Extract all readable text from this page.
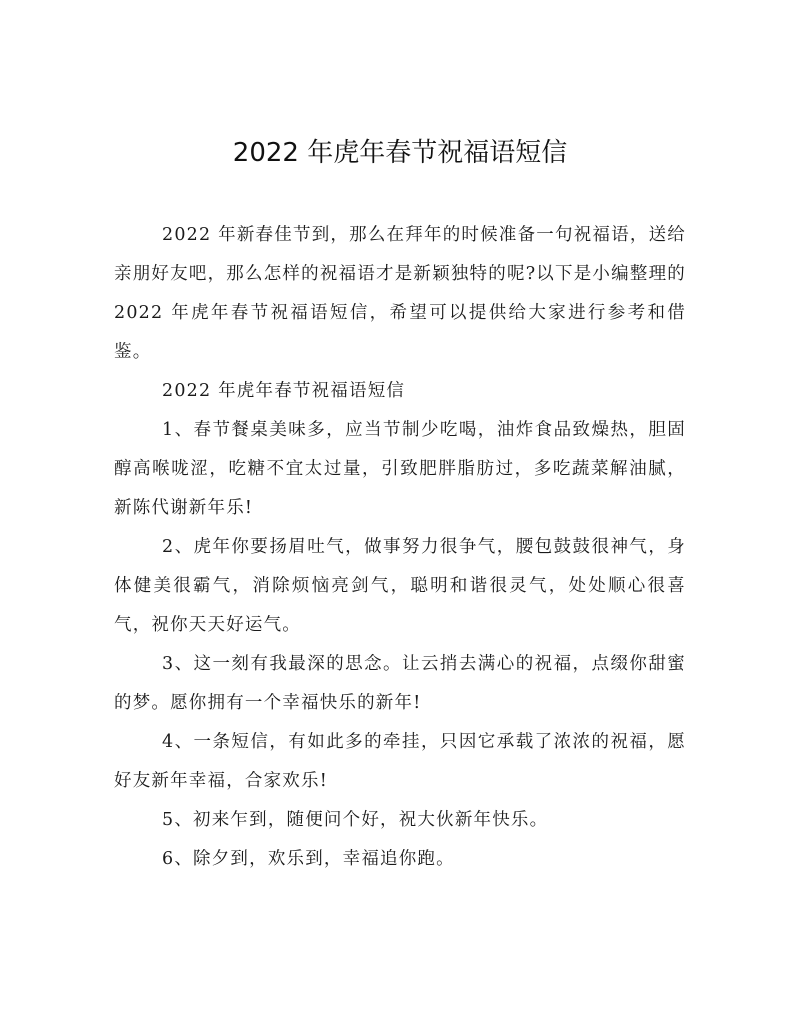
2022 年虎年春节祝福语短信

2022 年新春佳节到，那么在拜年的时候准备一句祝福语，送给亲朋好友吧，那么怎样的祝福语才是新颖独特的呢?以下是小编整理的 2022 年虎年春节祝福语短信，希望可以提供给大家进行参考和借鉴。

2022 年虎年春节祝福语短信

1、春节餐桌美味多，应当节制少吃喝，油炸食品致燥热，胆固醇高喉咙涩，吃糖不宜太过量，引致肥胖脂肪过，多吃蔬菜解油腻，新陈代谢新年乐!

2、虎年你要扬眉吐气，做事努力很争气，腰包鼓鼓很神气，身体健美很霸气，消除烦恼亮剑气，聪明和谐很灵气，处处顺心很喜气，祝你天天好运气。

3、这一刻有我最深的思念。让云捎去满心的祝福，点缀你甜蜜的梦。愿你拥有一个幸福快乐的新年!

4、一条短信，有如此多的牵挂，只因它承载了浓浓的祝福，愿好友新年幸福，合家欢乐!

5、初来乍到，随便问个好，祝大伙新年快乐。

6、除夕到，欢乐到，幸福追你跑。
